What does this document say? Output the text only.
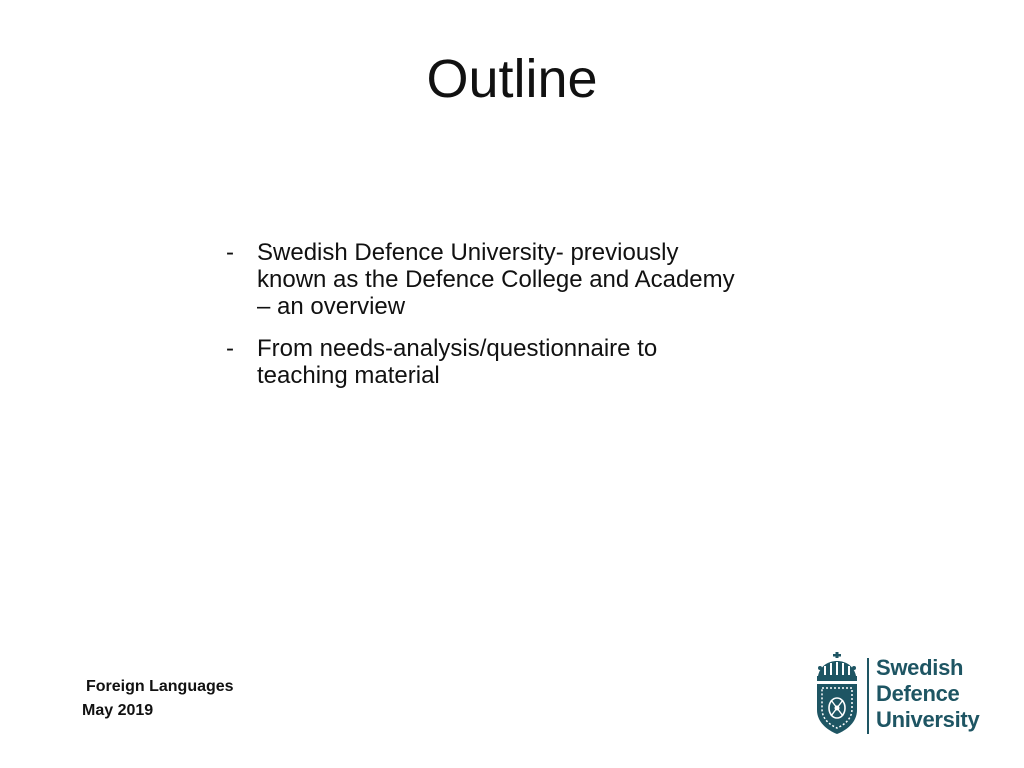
Outline
- Swedish Defence University- previously known as the Defence College and Academy – an overview
- From needs-analysis/questionnaire to teaching material
Foreign Languages
May 2019
Swedish
Defence
University
